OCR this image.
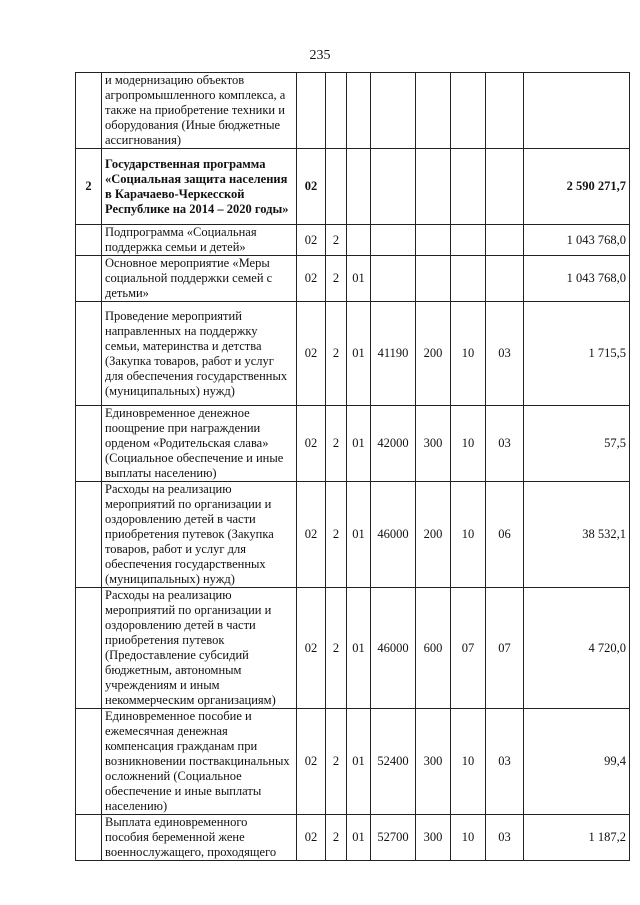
235
	и модернизацию объектов агропромышленного комплекса, а также на приобретение техники и оборудования (Иные бюджетные ассигнования)								
2	Государственная программа «Социальная защита населения в Карачаево-Черкесской Республике на 2014 – 2020 годы»	02							2 590 271,7
	Подпрограмма «Социальная поддержка семьи и детей»	02	2						1 043 768,0
	Основное мероприятие «Меры социальной поддержки семей с детьми»	02	2	01					1 043 768,0
	Проведение мероприятий направленных на поддержку семьи, материнства и детства (Закупка товаров, работ и услуг для обеспечения государственных (муниципальных) нужд)	02	2	01	41190	200	10	03	1 715,5
	Единовременное денежное поощрение при награждении орденом «Родительская слава» (Социальное обеспечение и иные выплаты населению)	02	2	01	42000	300	10	03	57,5
	Расходы на реализацию мероприятий по организации и оздоровлению детей в части приобретения путевок (Закупка товаров, работ и услуг для обеспечения государственных (муниципальных) нужд)	02	2	01	46000	200	10	06	38 532,1
	Расходы на реализацию мероприятий по организации и оздоровлению детей в части приобретения путевок (Предоставление субсидий бюджетным, автономным учреждениям и иным некоммерческим организациям)	02	2	01	46000	600	07	07	4 720,0
	Единовременное пособие и ежемесячная денежная компенсация гражданам при возникновении поствакцинальных осложнений (Социальное обеспечение и иные выплаты населению)	02	2	01	52400	300	10	03	99,4
	Выплата единовременного пособия беременной жене военнослужащего, проходящего	02	2	01	52700	300	10	03	1 187,2
